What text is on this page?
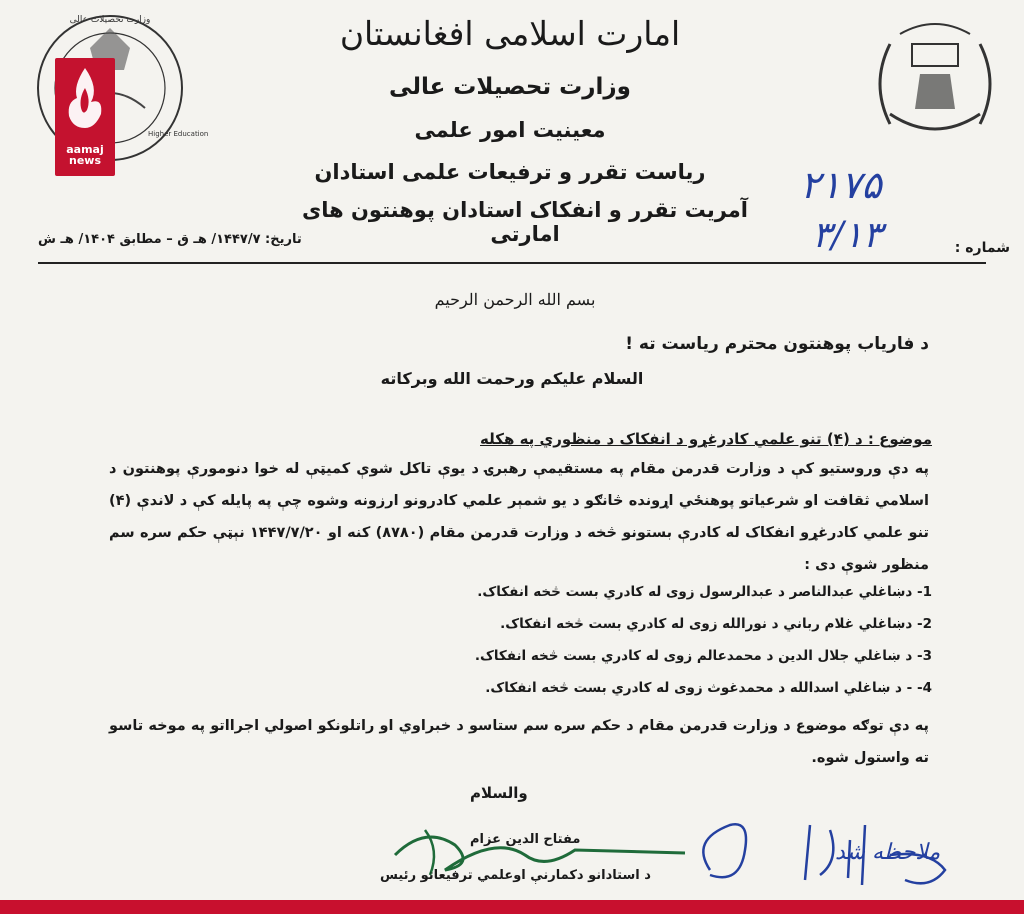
وزارت تحصیلات عالی
Higher Education
aamaj
news
امارت اسلامی افغانستان
وزارت تحصیلات عالی
معینیت امور علمی
ریاست تقرر و ترفیعات علمی استادان
آمریت تقرر و انفکاک استادان پوهنتون های امارتی
۲۱۷۵
۳/۱۳	شماره :
تاریخ: ۱۴۴۷/۷/ هـ ق – مطابق ۱۴۰۴/ هـ ش
بسم الله الرحمن الرحیم
د فاریاب پوهنتون محترم ریاست ته !
السلام علیکم ورحمت الله وبرکاته
موضوع : د (۴) تنو علمي کادرغړو د انفکاک د منظوري په هکله
په دې وروستیو کې د وزارت قدرمن مقام په مستقیمې رهبرۍ د یوې تاکل شوې کمیټې له خوا دنومورې پوهنتون د اسلامي ثقافت او شرعیاتو پوهنځي اړونده څانګو د یو شمېر علمي کادرونو ارزونه وشوه چې په پایله کې د لاندې (۴) تنو علمي کادرغړو انفکاک له کادرې بستونو څخه د وزارت قدرمن مقام (۸۷۸۰) کنه او ۱۴۴۷/۷/۲۰ نېټې حکم سره سم منظور شوې دی :
1- دښاغلي عبدالناصر د عبدالرسول زوی له کادري بست څخه انفکاک.
2- دښاغلي غلام رباني د نورالله زوی له کادري بست څخه انفکاک.
3- د ښاغلي جلال الدین د محمدعالم زوی له کادري بست څخه انفکاک.
4- - د ښاغلي اسدالله د محمدغوث زوی له کادري بست څخه انفکاک.
په دې توګه موضوع د وزارت قدرمن مقام د حکم سره سم ستاسو د خبراوي او راتلونکو اصولي اجرااتو په موخه تاسو ته واستول شوه.
والسلام
مفتاح الدین عزام
د استادانو دکمارنې اوعلمي ترفیعاتو رئیس
ملاحظه شد
